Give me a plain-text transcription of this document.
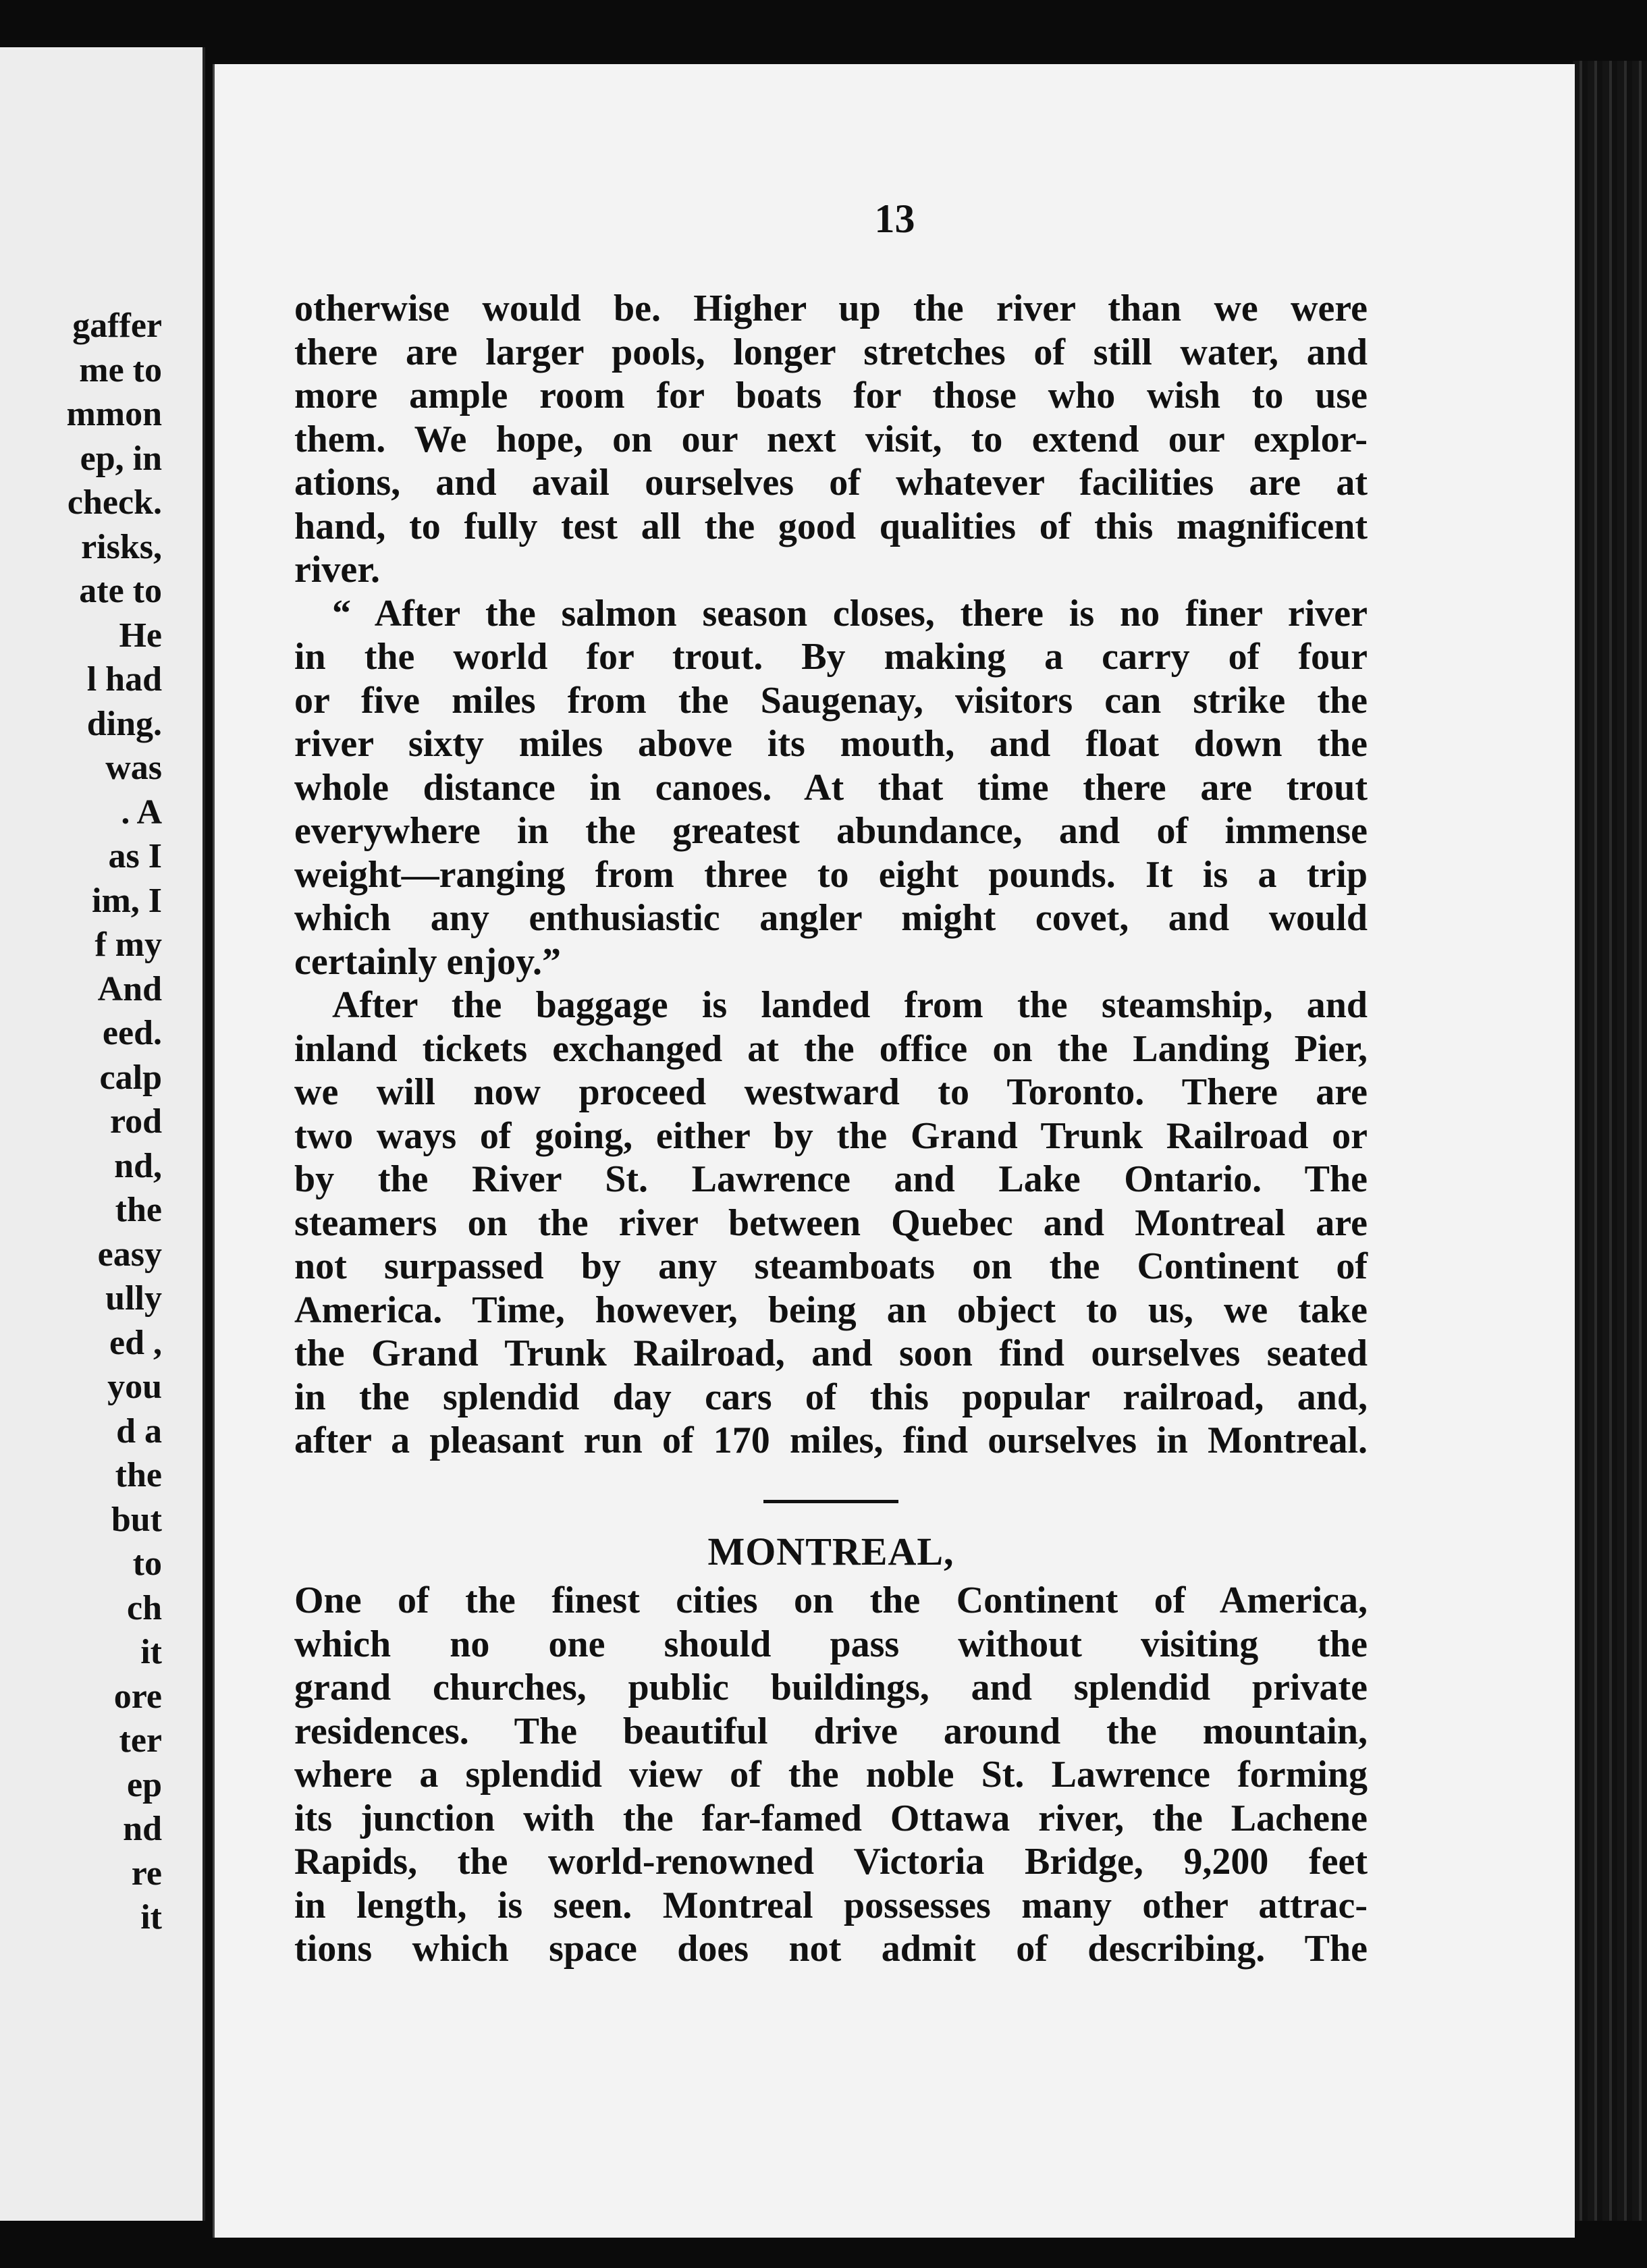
gaffer
me to
mmon
ep, in
check.
risks,
ate to
He
l had
ding.
was
. A
as I
im, I
f my
And
eed.
calp
rod
nd,
the
easy
ully
ed ,
you
d a
the
but
to
ch
it
ore
ter
ep
nd
re
it
13
otherwise would be. Higher up the river than we were
there are larger pools, longer stretches of still water, and
more ample room for boats for those who wish to use
them. We hope, on our next visit, to extend our explor-
ations, and avail ourselves of whatever facilities are at
hand, to fully test all the good qualities of this magnificent
river.
“ After the salmon season closes, there is no finer river
in the world for trout. By making a carry of four
or five miles from the Saugenay, visitors can strike the
river sixty miles above its mouth, and float down the
whole distance in canoes. At that time there are trout
everywhere in the greatest abundance, and of immense
weight—ranging from three to eight pounds. It is a trip
which any enthusiastic angler might covet, and would
certainly enjoy.”
After the baggage is landed from the steamship, and
inland tickets exchanged at the office on the Landing Pier,
we will now proceed westward to Toronto. There are
two ways of going, either by the Grand Trunk Railroad or
by the River St. Lawrence and Lake Ontario. The
steamers on the river between Quebec and Montreal are
not surpassed by any steamboats on the Continent of
America. Time, however, being an object to us, we take
the Grand Trunk Railroad, and soon find ourselves seated
in the splendid day cars of this popular railroad, and,
after a pleasant run of 170 miles, find ourselves in Montreal.
MONTREAL,
One of the finest cities on the Continent of America,
which no one should pass without visiting the
grand churches, public buildings, and splendid private
residences. The beautiful drive around the mountain,
where a splendid view of the noble St. Lawrence forming
its junction with the far-famed Ottawa river, the Lachene
Rapids, the world-renowned Victoria Bridge, 9,200 feet
in length, is seen. Montreal possesses many other attrac-
tions which space does not admit of describing. The
